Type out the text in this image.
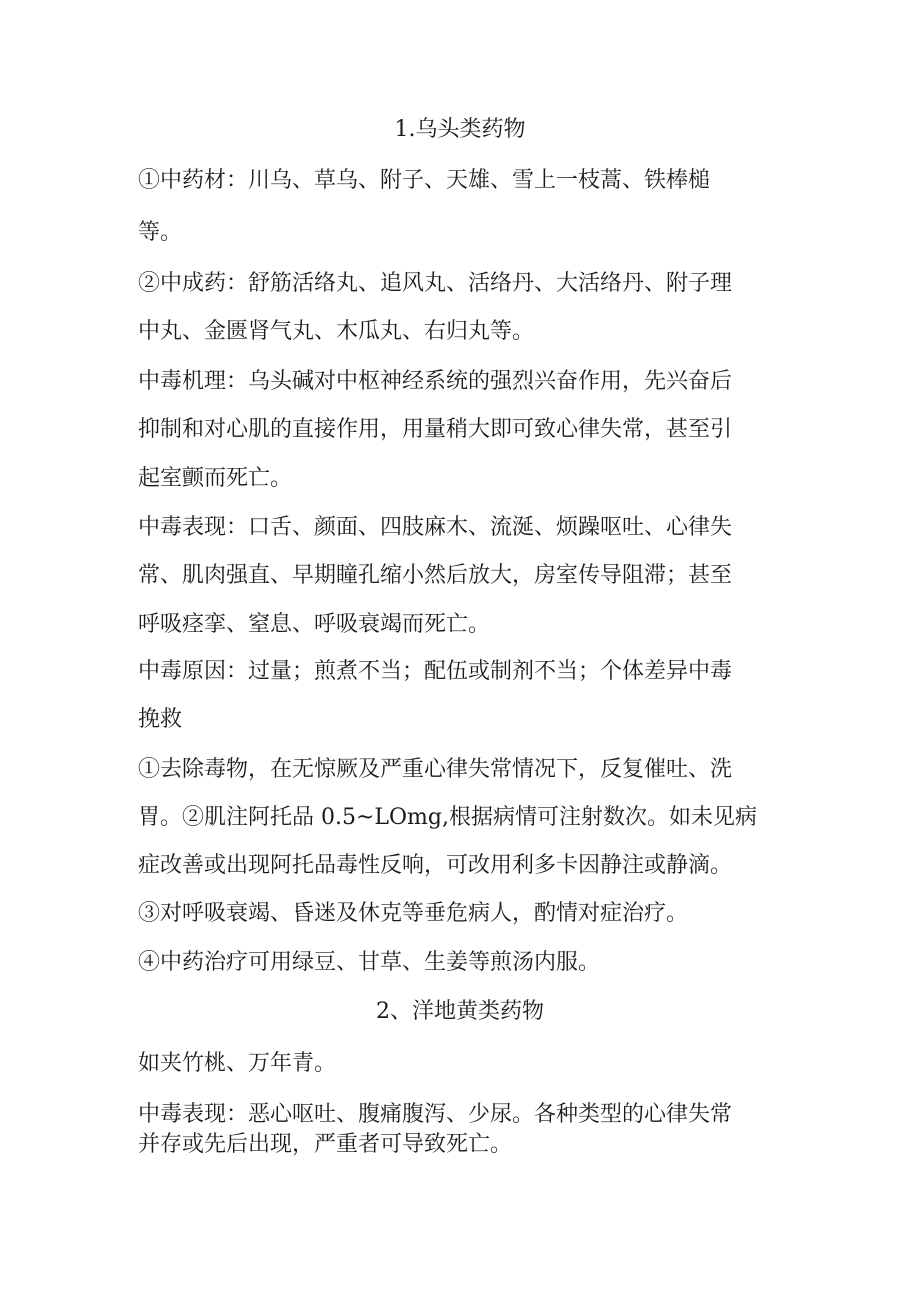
1.乌头类药物
①中药材：川乌、草乌、附子、天雄、雪上一枝蒿、铁棒槌
等。
②中成药：舒筋活络丸、追风丸、活络丹、大活络丹、附子理
中丸、金匮肾气丸、木瓜丸、右归丸等。
中毒机理：乌头碱对中枢神经系统的强烈兴奋作用，先兴奋后
抑制和对心肌的直接作用，用量稍大即可致心律失常，甚至引
起室颤而死亡。
中毒表现：口舌、颜面、四肢麻木、流涎、烦躁呕吐、心律失
常、肌肉强直、早期瞳孔缩小然后放大，房室传导阻滞；甚至
呼吸痉挛、窒息、呼吸衰竭而死亡。
中毒原因：过量；煎煮不当；配伍或制剂不当；个体差异中毒
挽救
①去除毒物，在无惊厥及严重心律失常情况下，反复催吐、洗
胃。②肌注阿托品 0.5~LOmg,根据病情可注射数次。如未见病
症改善或出现阿托品毒性反响，可改用利多卡因静注或静滴。
③对呼吸衰竭、昏迷及休克等垂危病人，酌情对症治疗。
④中药治疗可用绿豆、甘草、生姜等煎汤内服。
2、洋地黄类药物
如夹竹桃、万年青。
中毒表现：恶心呕吐、腹痛腹泻、少尿。各种类型的心律失常
并存或先后出现，严重者可导致死亡。
